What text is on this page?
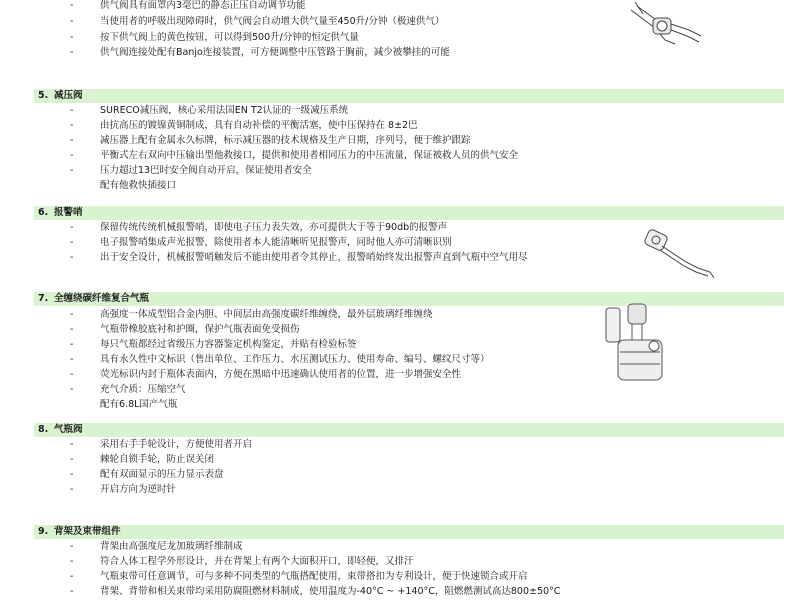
-	供气阀具有面罩内3毫巴的静态正压自动调节功能
-	当使用者的呼吸出现障碍时，供气阀会自动增大供气量至450升/分钟（极速供气）
-	按下供气阀上的黄色按钮，可以得到500升/分钟的恒定供气量
-	供气阀连接处配有Banjo连接装置，可方便调整中压管路于胸前，减少被攀挂的可能
5. 减压阀
-	SURECO减压阀，核心采用法国EN T2认证的一级减压系统
-	由抗高压的镀镍黄铜制成，具有自动补偿的平衡活塞，使中压保持在 8±2巴
-	减压器上配有金属永久标牌，标示减压器的技术规格及生产日期，序列号，便于维护跟踪
-	平衡式左右双向中压输出型他救接口，提供和使用者相同压力的中压流量，保证被救人员的供气安全
-	压力超过13巴时安全阀自动开启，保证使用者安全
配有他救快插接口
6. 报警哨
-	保留传统传统机械报警哨，即使电子压力表失效，亦可提供大于等于90db的报警声
-	电子报警哨集成声光报警，除使用者本人能清晰听见报警声，同时他人亦可清晰识别
-	出于安全设计，机械报警哨触发后不能由使用者令其停止，报警哨始终发出报警声直到气瓶中空气用尽
7. 全缠绕碳纤维复合气瓶
-	高强度一体成型铝合金内胆、中间层由高强度碳纤维缠绕，最外层玻璃纤维缠绕
-	气瓶带橡胶底衬和护圈，保护气瓶表面免受损伤
-	每只气瓶都经过省级压力容器鉴定机构鉴定，并贴有检验标签
-	具有永久性中文标识（售出单位、工作压力、水压测试压力、使用寿命、编号、螺纹尺寸等）
-	荧光标识内封于瓶体表面内，方便在黑暗中迅速确认使用者的位置，进一步增强安全性
-	充气介质：压缩空气
配有6.8L国产气瓶
8. 气瓶阀
-	采用右手手轮设计，方便使用者开启
-	棘轮自锁手轮，防止误关闭
-	配有双面显示的压力显示表盘
-	开启方向为逆时针
9. 背架及束带组件
-	背架由高强度尼龙加玻璃纤维制成
-	符合人体工程学外形设计，并在背架上有两个大面积开口，即轻便，又排汗
-	气瓶束带可任意调节，可与多种不同类型的气瓶搭配使用，束带搭扣为专利设计，便于快速锁合或开启
-	背架、背带和相关束带均采用防腐阻燃材料制成，使用温度为-40°C ~ +140°C，阻燃燃测试高达800±50°C
